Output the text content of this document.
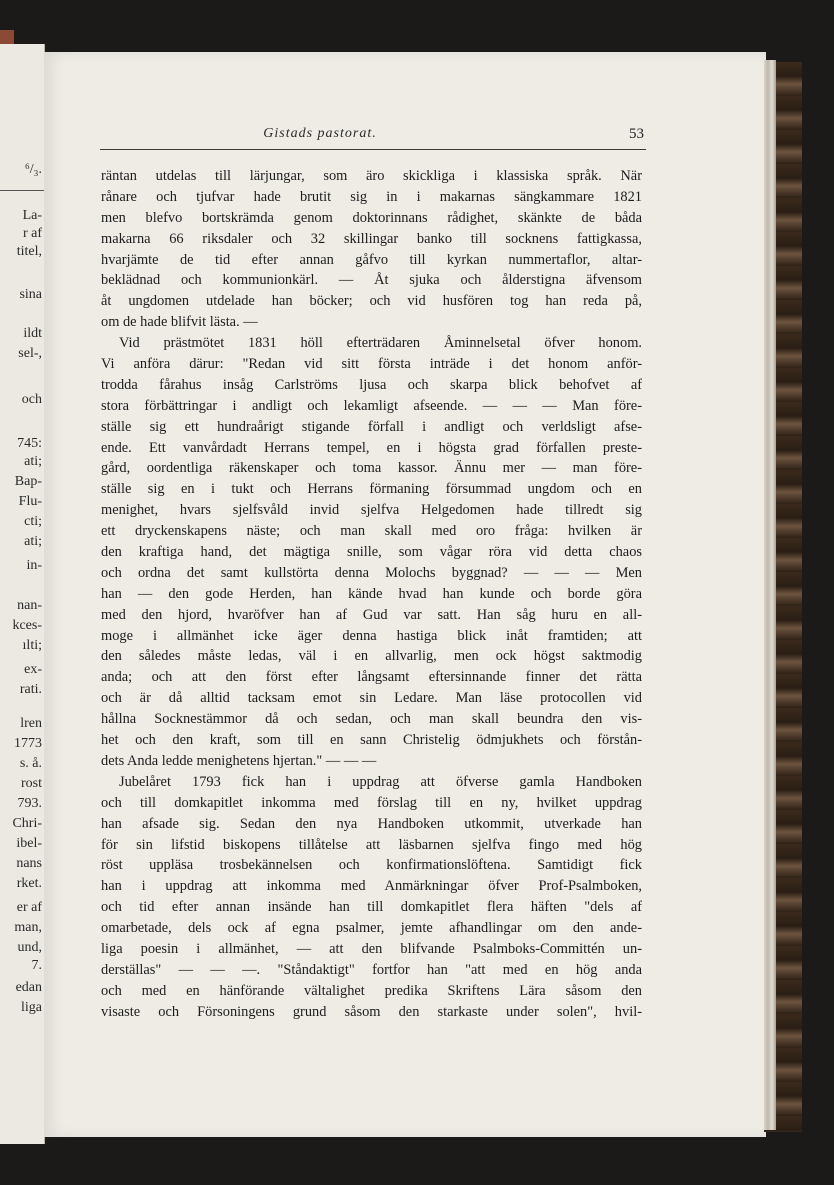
⁶/₃.
La-
r af
titel,
sina
ildt
sel-,
och
745:
ati;
Bap-
Flu-
cti;
ati;
in-
nan-
kces-
ılti;
ex-
rati.
lren
1773
s. å.
rost
793.
Chri-
ibel-
nans
rket.
er af
man,
und,
7.
edan
liga
Gistads pastorat.	53
räntan utdelas till lärjungar, som äro skickliga i klassiska språk. När
rånare och tjufvar hade brutit sig in i makarnas sängkammare 1821
men blefvo bortskrämda genom doktorinnans rådighet, skänkte de båda
makarna 66 riksdaler och 32 skillingar banko till socknens fattigkassa,
hvarjämte de tid efter annan gåfvo till kyrkan nummertaflor, altar-
beklädnad och kommunionkärl. — Åt sjuka och ålderstigna äfvensom
åt ungdomen utdelade han böcker; och vid husfören tog han reda på,
om de hade blifvit lästa. —
Vid prästmötet 1831 höll efterträdaren Åminnelsetal öfver honom.
Vi anföra därur: "Redan vid sitt första inträde i det honom anför-
trodda fårahus insåg Carlströms ljusa och skarpa blick behofvet af
stora förbättringar i andligt och lekamligt afseende. — — — Man före-
ställe sig ett hundraårigt stigande förfall i andligt och verldsligt afse-
ende. Ett vanvårdadt Herrans tempel, en i högsta grad förfallen preste-
gård, oordentliga räkenskaper och toma kassor. Ännu mer — man före-
ställe sig en i tukt och Herrans förmaning försummad ungdom och en
menighet, hvars sjelfsvåld invid sjelfva Helgedomen hade tillredt sig
ett dryckenskapens näste; och man skall med oro fråga: hvilken är
den kraftiga hand, det mägtiga snille, som vågar röra vid detta chaos
och ordna det samt kullstörta denna Molochs byggnad? — — — Men
han — den gode Herden, han kände hvad han kunde och borde göra
med den hjord, hvaröfver han af Gud var satt. Han såg huru en all-
moge i allmänhet icke äger denna hastiga blick inåt framtiden; att
den således måste ledas, väl i en allvarlig, men ock högst saktmodig
anda; och att den först efter långsamt eftersinnande finner det rätta
och är då alltid tacksam emot sin Ledare. Man läse protocollen vid
hållna Socknestämmor då och sedan, och man skall beundra den vis-
het och den kraft, som till en sann Christelig ödmjukhets och förstån-
dets Anda ledde menighetens hjertan." — — —
Jubelåret 1793 fick han i uppdrag att öfverse gamla Handboken
och till domkapitlet inkomma med förslag till en ny, hvilket uppdrag
han afsade sig. Sedan den nya Handboken utkommit, utverkade han
för sin lifstid biskopens tillåtelse att läsbarnen sjelfva fingo med hög
röst uppläsa trosbekännelsen och konfirmationslöftena. Samtidigt fick
han i uppdrag att inkomma med Anmärkningar öfver Prof-Psalmboken,
och tid efter annan insände han till domkapitlet flera häften "dels af
omarbetade, dels ock af egna psalmer, jemte afhandlingar om den ande-
liga poesin i allmänhet, — att den blifvande Psalmboks-Committén un-
derställas" — — —. "Ståndaktigt" fortfor han "att med en hög anda
och med en hänförande vältalighet predika Skriftens Lära såsom den
visaste och Försoningens grund såsom den starkaste under solen", hvil-
